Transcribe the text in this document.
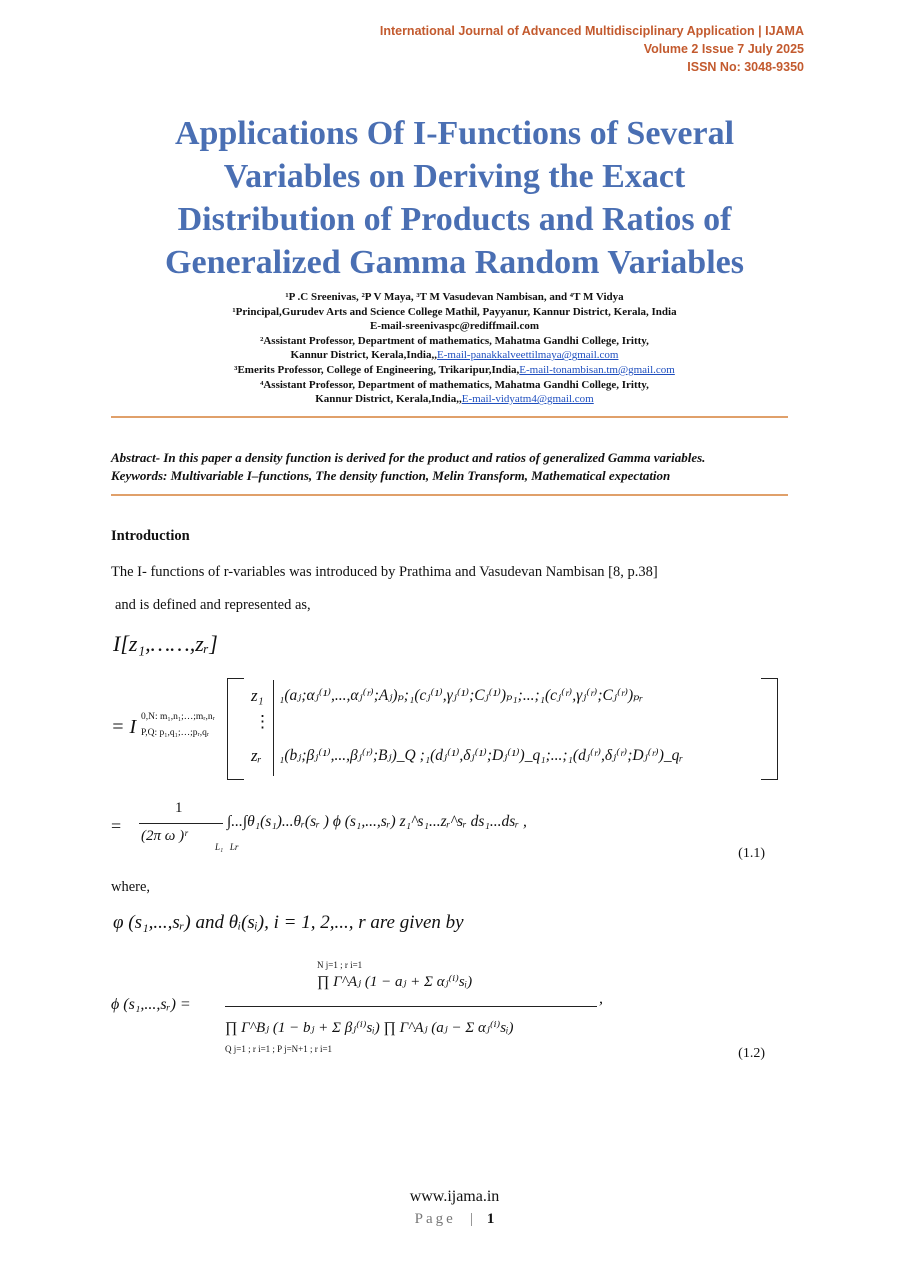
International Journal of Advanced Multidisciplinary Application | IJAMA
Volume 2 Issue 7 July 2025
ISSN No: 3048-9350
Applications Of I-Functions of Several
Variables on Deriving the Exact
Distribution of Products and Ratios of
Generalized Gamma Random Variables
¹P .C Sreenivas, ²P V Maya, ³T M Vasudevan Nambisan, and ⁴T M Vidya
¹Principal,Gurudev Arts and Science College Mathil, Payyanur, Kannur District, Kerala, India
E-mail-sreenivaspc@rediffmail.com
²Assistant Professor, Department of mathematics, Mahatma Gandhi College, Iritty,
Kannur District, Kerala,India,,E-mail-panakkalveettilmaya@gmail.com
³Emerits Professor, College of Engineering, Trikaripur,India,E-mail-tonambisan.tm@gmail.com
⁴Assistant Professor, Department of mathematics, Mahatma Gandhi College, Iritty,
Kannur District, Kerala,India,,E-mail-vidyatm4@gmail.com
Abstract- In this paper a density function is derived for the product and ratios of generalized Gamma variables.
Keywords: Multivariable I–functions, The density function, Melin Transform, Mathematical expectation
Introduction
The I- functions of r-variables was introduced by Prathima and Vasudevan Nambisan [8, p.38]
and is defined and represented as,
I[z₁,……,zᵣ]
= I 0,N: m₁,n₁;…;mᵣ,nᵣ
P,Q: p₁,q₁;…;pᵣ,qᵣ
z₁
⋮
zᵣ
₁(aⱼ;αⱼ⁽¹⁾,...,αⱼ⁽ʳ⁾;Aⱼ)ₚ;₁(cⱼ⁽¹⁾,γⱼ⁽¹⁾;Cⱼ⁽¹⁾)ₚ₁;...;₁(cⱼ⁽ʳ⁾,γⱼ⁽ʳ⁾;Cⱼ⁽ʳ⁾)ₚᵣ
₁(bⱼ;βⱼ⁽¹⁾,...,βⱼ⁽ʳ⁾;Bⱼ)_Q ;₁(dⱼ⁽¹⁾,δⱼ⁽¹⁾;Dⱼ⁽¹⁾)_q₁;...;₁(dⱼ⁽ʳ⁾,δⱼ⁽ʳ⁾;Dⱼ⁽ʳ⁾)_qᵣ
=
1
(2π ω )ʳ
∫...∫θ₁(s₁)...θᵣ(sᵣ ) ϕ (s₁,...,sᵣ) z₁^s₁...zᵣ^sᵣ ds₁...dsᵣ ,
L₁   Lr	(1.1)
where,
φ (s₁,...,sᵣ) and θᵢ(sᵢ), i = 1, 2,..., r are given by
ϕ (s₁,...,sᵣ) =
N j=1 ; r i=1
∏ Γ^Aⱼ (1 − aⱼ + Σ αⱼ⁽ⁱ⁾sᵢ)
,
∏ Γ^Bⱼ (1 − bⱼ + Σ βⱼ⁽ⁱ⁾sᵢ) ∏ Γ^Aⱼ (aⱼ − Σ αⱼ⁽ⁱ⁾sᵢ)
Q j=1 ; r i=1 ; P j=N+1 ; r i=1	(1.2)
www.ijama.in
Page | 1
